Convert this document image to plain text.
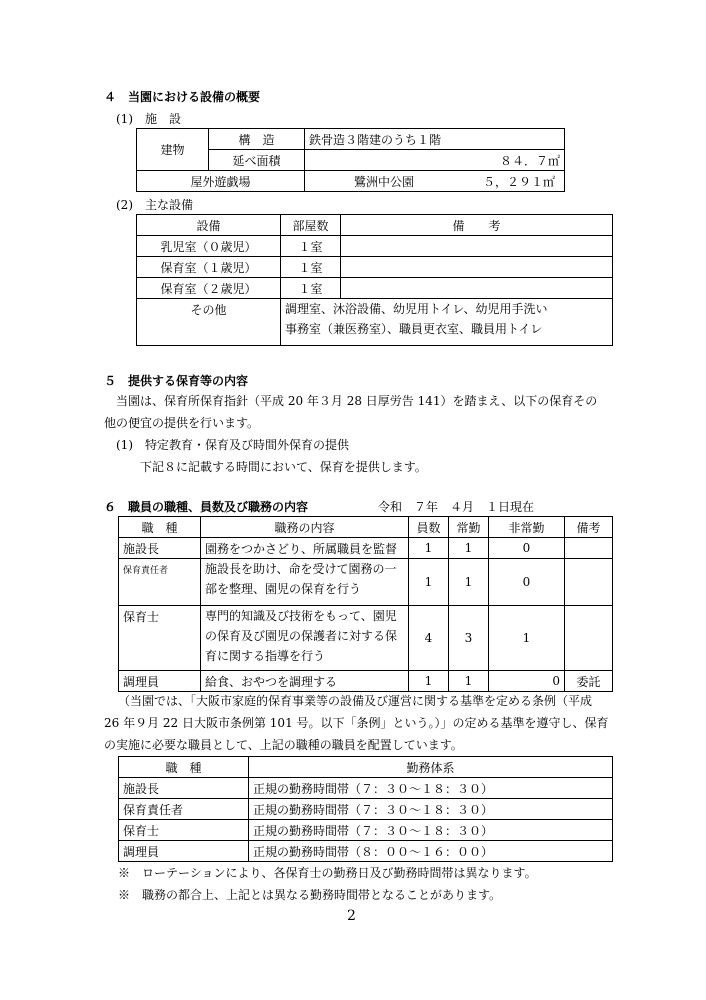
４　当園における設備の概要
(1)　施　設
建物	構　造	鉄骨造３階建のうち１階
	延べ面積	８４．７㎡
屋外遊戯場		鷺洲中公園 ５，２９１㎡
(2)　主な設備
設備	部屋数	備　　考
乳児室（０歳児）	１室	
保育室（１歳児）	１室	
保育室（２歳児）	１室	
その他	調理室、沐浴設備、幼児用トイレ、幼児用手洗い
事務室（兼医務室）、職員更衣室、職員用トイレ	
５　提供する保育等の内容
当園は、保育所保育指針（平成 20 年３月 28 日厚労告 141）を踏まえ、以下の保育その
他の便宜の提供を行います。
(1)　特定教育・保育及び時間外保育の提供
下記８に記載する時間において、保育を提供します。
６　職員の職種、員数及び職務の内容	令和　７年　４月　１日現在
職　種	職務の内容	員数	常勤	非常勤	備考
施設長	園務をつかさどり、所属職員を監督	1	1	0	
保育責任者	施設長を助け、命を受けて園務の一部を整理、園児の保育を行う	1	1	0	
保育士	専門的知識及び技術をもって、園児の保育及び園児の保護者に対する保育に関する指導を行う	4	3	1	
調理員	給食、おやつを調理する	1	1	0	委託
（当園では、「大阪市家庭的保育事業等の設備及び運営に関する基準を定める条例（平成
26 年９月 22 日大阪市条例第 101 号。以下「条例」という。）」の定める基準を遵守し、保育
の実施に必要な職員として、上記の職種の職員を配置しています。
職　種	勤務体系
施設長	正規の勤務時間帯（７：３０～１８：３０）
保育責任者	正規の勤務時間帯（７：３０～１８：３０）
保育士	正規の勤務時間帯（７：３０～１８：３０）
調理員	正規の勤務時間帯（８：００～１６：００）
※　ローテーションにより、各保育士の勤務日及び勤務時間帯は異なります。
※　職務の都合上、上記とは異なる勤務時間帯となることがあります。
2
